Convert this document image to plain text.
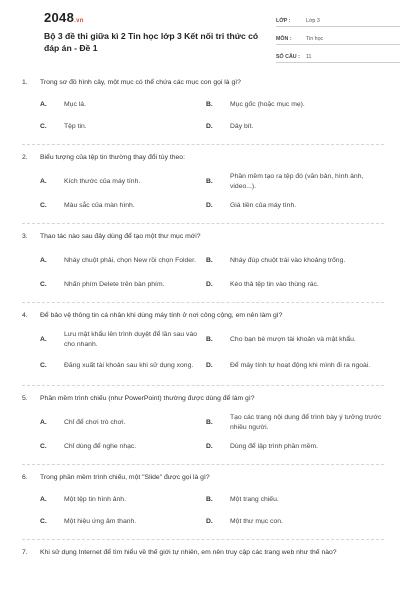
2048.vn
Bộ 3 đề thi giữa kì 2 Tin học lớp 3 Kết nối tri thức có đáp án - Đề 1
LỚP :	Lớp 3
MÔN :	Tin học
SỐ CÂU :	11
1.	Trong sơ đồ hình cây, một mục có thể chứa các mục con gọi là gì?
A.	Mục lá.	B.	Mục gốc (hoặc mục mẹ).
C.	Tệp tin.	D.	Dây bít.
2.	Biểu tượng của tệp tin thường thay đổi tùy theo:
A.	Kích thước của máy tính.	B.
Phần mềm tạo ra tệp đó (văn bản, hình ảnh, video...).
C.	Màu sắc của màn hình.	D.	Giá tiền của máy tính.
3.	Thao tác nào sau đây dùng để tạo một thư mục mới?
A.	Nháy chuột phải, chọn New rồi chọn Folder.	B.	Nháy đúp chuột trái vào khoảng trống.
C.	Nhấn phím Delete trên bàn phím.	D.	Kéo thả tệp tin vào thùng rác.
4.	Để bảo vệ thông tin cá nhân khi dùng máy tính ở nơi công cộng, em nên làm gì?
A.
Lưu mật khẩu lên trình duyệt để lần sau vào cho nhanh.
B.	Cho bạn bè mượn tài khoản và mật khẩu.
C.	Đăng xuất tài khoản sau khi sử dụng xong.	D.	Để máy tính tự hoạt động khi mình đi ra ngoài.
5.	Phần mềm trình chiếu (như PowerPoint) thường được dùng để làm gì?
A.	Chỉ để chơi trò chơi.	B.
Tạo các trang nội dung để trình bày ý tưởng trước nhiều người.
C.	Chỉ dùng để nghe nhạc.	D.	Dùng để lập trình phần mềm.
6.	Trong phần mềm trình chiếu, một "Slide" được gọi là gì?
A.	Một tệp tin hình ảnh.	B.	Một trang chiếu.
C.	Một hiệu ứng âm thanh.	D.	Một thư mục con.
7.	Khi sử dụng Internet để tìm hiểu về thế giới tự nhiên, em nên truy cập các trang web như thế nào?
